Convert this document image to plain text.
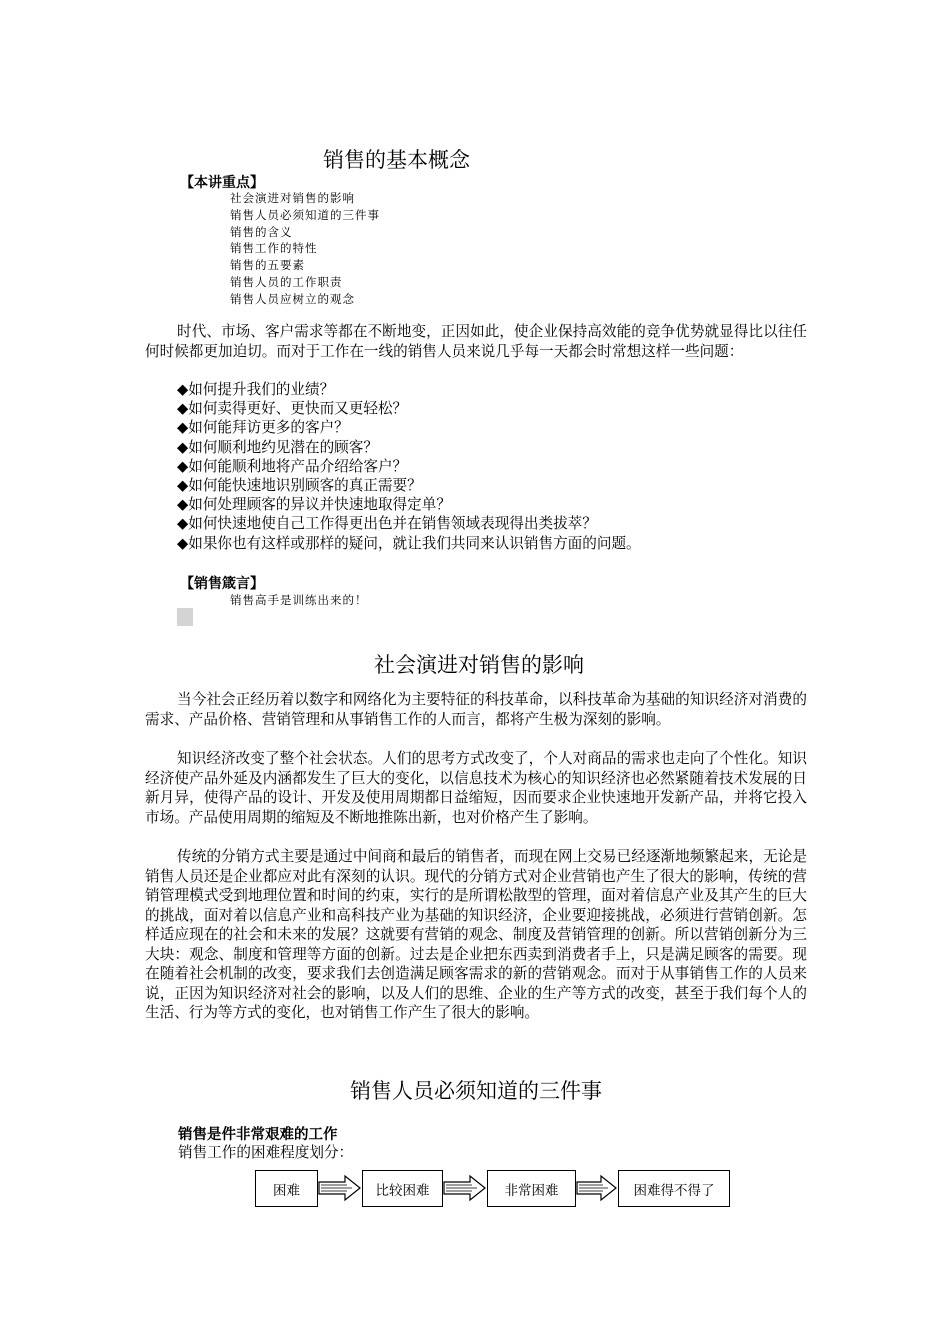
销售的基本概念
【本讲重点】
社会演进对销售的影响
销售人员必须知道的三件事
销售的含义
销售工作的特性
销售的五要素
销售人员的工作职责
销售人员应树立的观念

时代、市场、客户需求等都在不断地变，正因如此，使企业保持高效能的竞争优势就显得比以往任何时候都更加迫切。而对于工作在一线的销售人员来说几乎每一天都会时常想这样一些问题：

◆如何提升我们的业绩？
◆如何卖得更好、更快而又更轻松？
◆如何能拜访更多的客户？
◆如何顺利地约见潜在的顾客？
◆如何能顺利地将产品介绍给客户？
◆如何能快速地识别顾客的真正需要？
◆如何处理顾客的异议并快速地取得定单？
◆如何快速地使自己工作得更出色并在销售领域表现得出类拔萃？
◆如果你也有这样或那样的疑问，就让我们共同来认识销售方面的问题。
【销售箴言】
销售高手是训练出来的！
社会演进对销售的影响

当今社会正经历着以数字和网络化为主要特征的科技革命，以科技革命为基础的知识经济对消费的需求、产品价格、营销管理和从事销售工作的人而言，都将产生极为深刻的影响。

知识经济改变了整个社会状态。人们的思考方式改变了，个人对商品的需求也走向了个性化。知识经济使产品外延及内涵都发生了巨大的变化，以信息技术为核心的知识经济也必然紧随着技术发展的日新月异，使得产品的设计、开发及使用周期都日益缩短，因而要求企业快速地开发新产品，并将它投入市场。产品使用周期的缩短及不断地推陈出新，也对价格产生了影响。

传统的分销方式主要是通过中间商和最后的销售者，而现在网上交易已经逐渐地频繁起来，无论是销售人员还是企业都应对此有深刻的认识。现代的分销方式对企业营销也产生了很大的影响，传统的营销管理模式受到地理位置和时间的约束，实行的是所谓松散型的管理，面对着信息产业及其产生的巨大的挑战，面对着以信息产业和高科技产业为基础的知识经济，企业要迎接挑战，必须进行营销创新。怎样适应现在的社会和未来的发展？这就要有营销的观念、制度及营销管理的创新。所以营销创新分为三大块：观念、制度和管理等方面的创新。过去是企业把东西卖到消费者手上，只是满足顾客的需要。现在随着社会机制的改变，要求我们去创造满足顾客需求的新的营销观念。而对于从事销售工作的人员来说，正因为知识经济对社会的影响，以及人们的思维、企业的生产等方式的改变，甚至于我们每个人的生活、行为等方式的变化，也对销售工作产生了很大的影响。

销售人员必须知道的三件事
销售是件非常艰难的工作
销售工作的困难程度划分：
困难	比较困难	非常困难	困难得不得了
